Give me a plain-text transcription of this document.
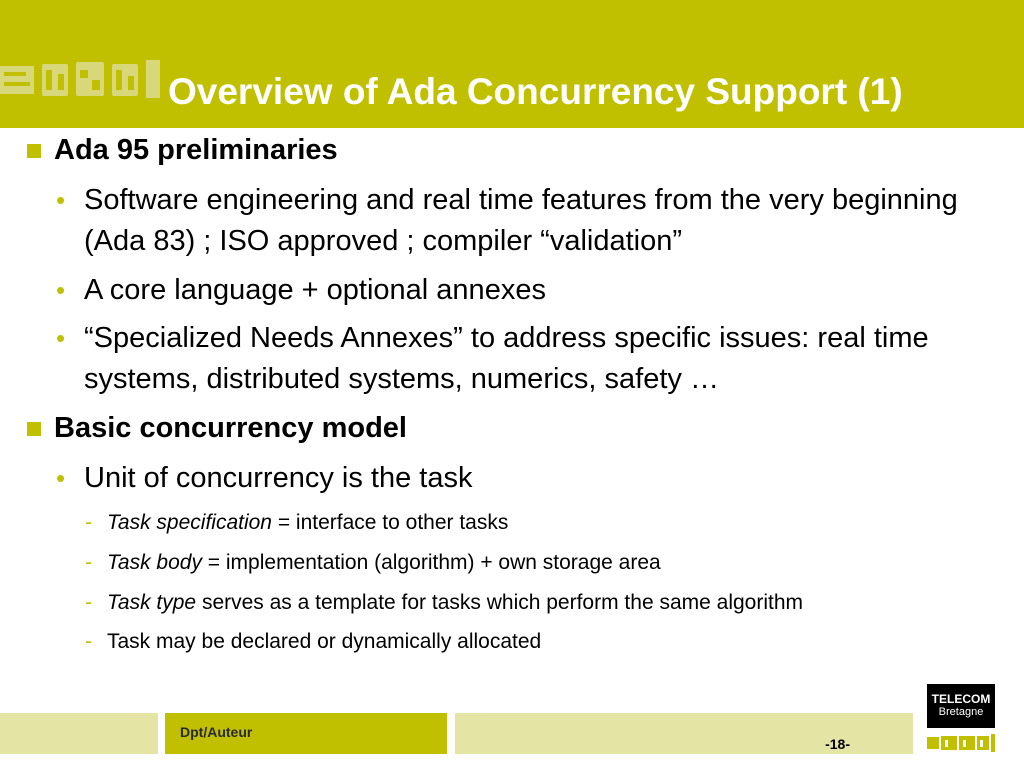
Overview of Ada Concurrency Support (1)
Ada 95 preliminaries
• Software engineering and real time features from the very beginning (Ada 83) ; ISO approved ; compiler “validation”
• A core language + optional annexes
• “Specialized Needs Annexes” to address specific issues: real time systems, distributed systems, numerics, safety …
Basic concurrency model
• Unit of concurrency is the task
- Task specification = interface to other tasks
- Task body = implementation (algorithm) + own storage area
- Task type serves as a template for tasks which perform the same algorithm
- Task may be declared or dynamically allocated
Dpt/Auteur
-18-
TELECOM
Bretagne
